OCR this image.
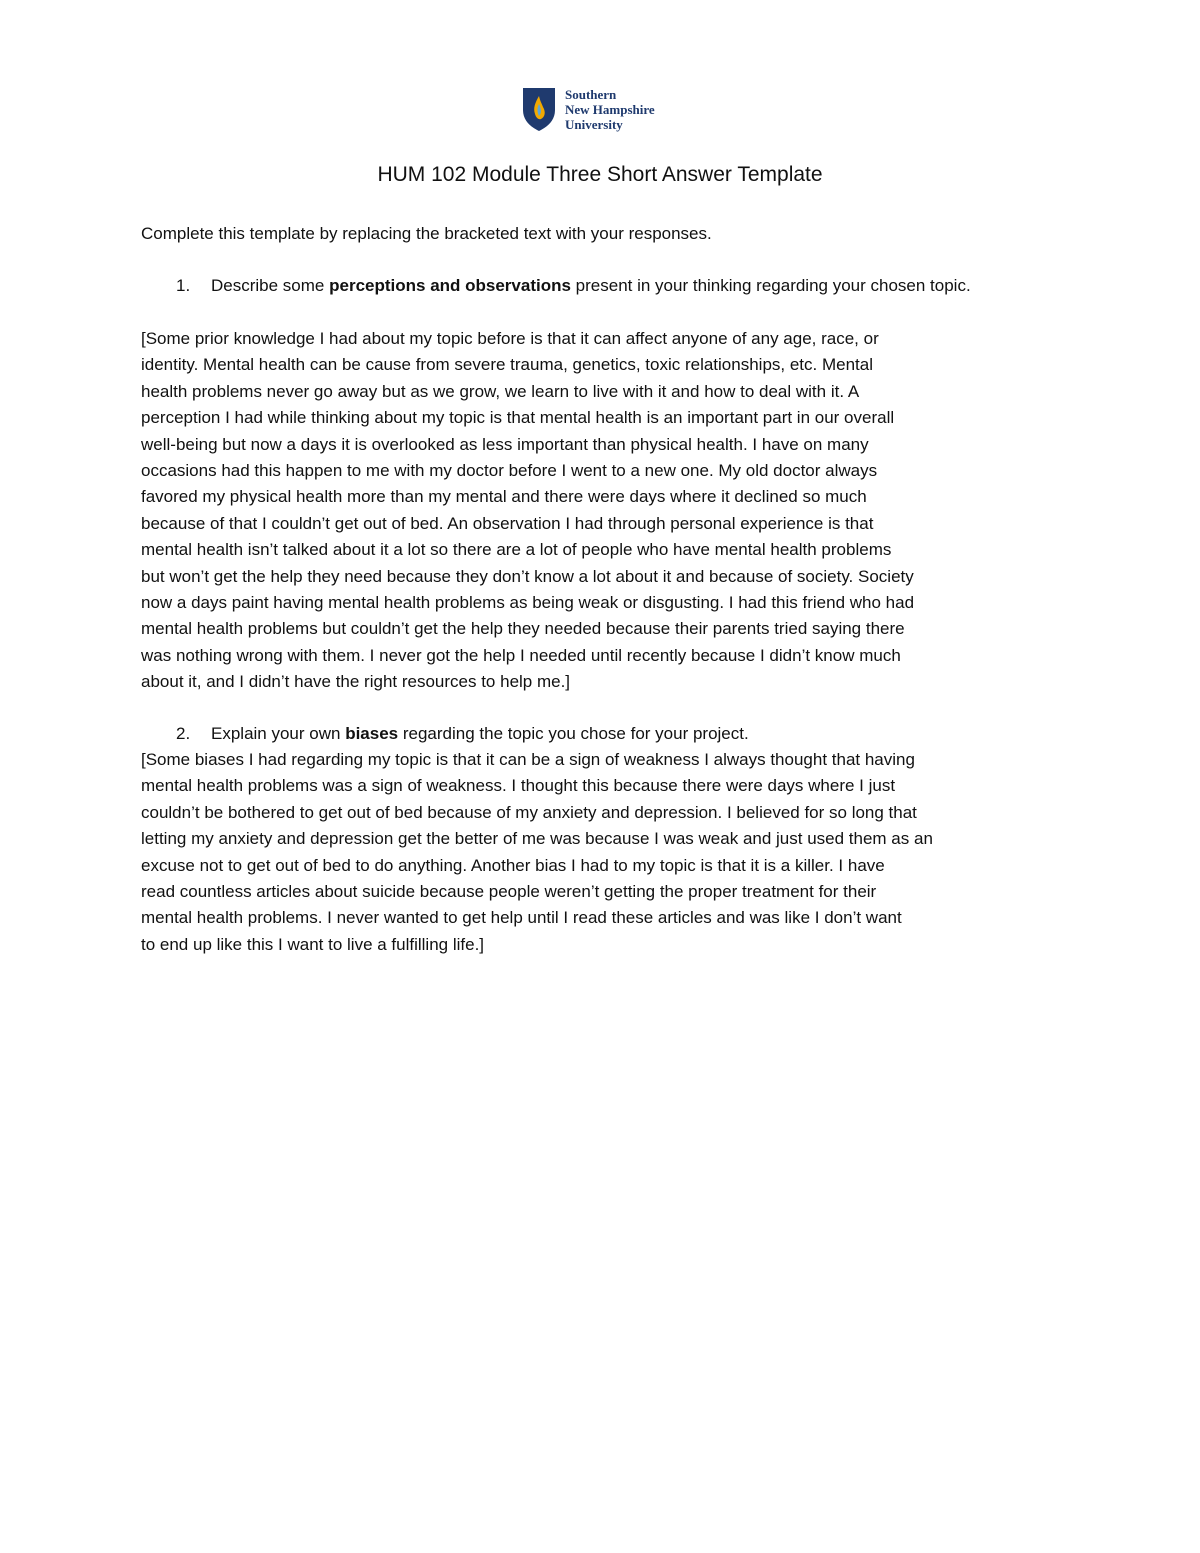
Southern
New Hampshire
University
HUM 102 Module Three Short Answer Template

Complete this template by replacing the bracketed text with your responses.

1.	Describe some perceptions and observations present in your thinking regarding your chosen topic.
[Some prior knowledge I had about my topic before is that it can affect anyone of any age, race, or
identity. Mental health can be cause from severe trauma, genetics, toxic relationships, etc. Mental
health problems never go away but as we grow, we learn to live with it and how to deal with it. A
perception I had while thinking about my topic is that mental health is an important part in our overall
well-being but now a days it is overlooked as less important than physical health. I have on many
occasions had this happen to me with my doctor before I went to a new one. My old doctor always
favored my physical health more than my mental and there were days where it declined so much
because of that I couldn’t get out of bed. An observation I had through personal experience is that
mental health isn’t talked about it a lot so there are a lot of people who have mental health problems
but won’t get the help they need because they don’t know a lot about it and because of society. Society
now a days paint having mental health problems as being weak or disgusting. I had this friend who had
mental health problems but couldn’t get the help they needed because their parents tried saying there
was nothing wrong with them. I never got the help I needed until recently because I didn’t know much
about it, and I didn’t have the right resources to help me.]
2.	Explain your own biases regarding the topic you chose for your project.
[Some biases I had regarding my topic is that it can be a sign of weakness I always thought that having
mental health problems was a sign of weakness. I thought this because there were days where I just
couldn’t be bothered to get out of bed because of my anxiety and depression. I believed for so long that
letting my anxiety and depression get the better of me was because I was weak and just used them as an
excuse not to get out of bed to do anything. Another bias I had to my topic is that it is a killer. I have
read countless articles about suicide because people weren’t getting the proper treatment for their
mental health problems. I never wanted to get help until I read these articles and was like I don’t want
to end up like this I want to live a fulfilling life.]
